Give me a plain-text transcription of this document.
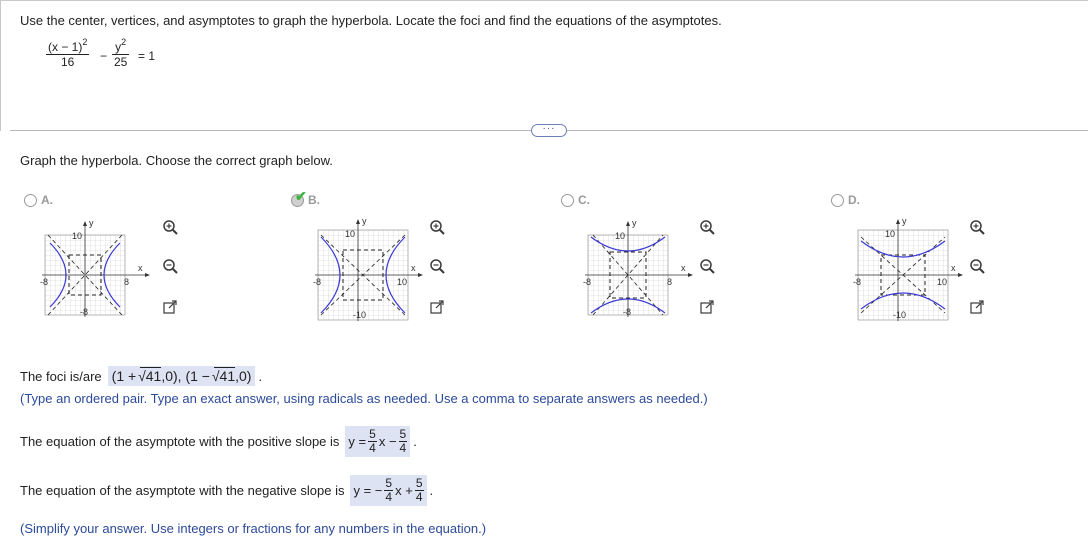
Use the center, vertices, and asymptotes to graph the hyperbola. Locate the foci and find the equations of the asymptotes.
$\frac{(x - 1)^2}{16} - \frac{y^2}{25} = 1$
···
Graph the hyperbola. Choose the correct graph below.
A.
10
-8	8
-8
x
y
✔ B.
10
-8	10
-10
x
y
C.
10
-8	8
-8
x
y
D.
10
-8	10
-10
x
y
The foci is/are (1 + √41,0), (1 − √41,0) .
(Type an ordered pair. Type an exact answer, using radicals as needed. Use a comma to separate answers as needed.)
The equation of the asymptote with the positive slope is $y = \frac{5}{4}$ $x - \frac{5}{4}$ .
The equation of the asymptote with the negative slope is y = − $\frac{5}{4}$ $x + \frac{5}{4}$ .
(Simplify your answer. Use integers or fractions for any numbers in the equation.)
